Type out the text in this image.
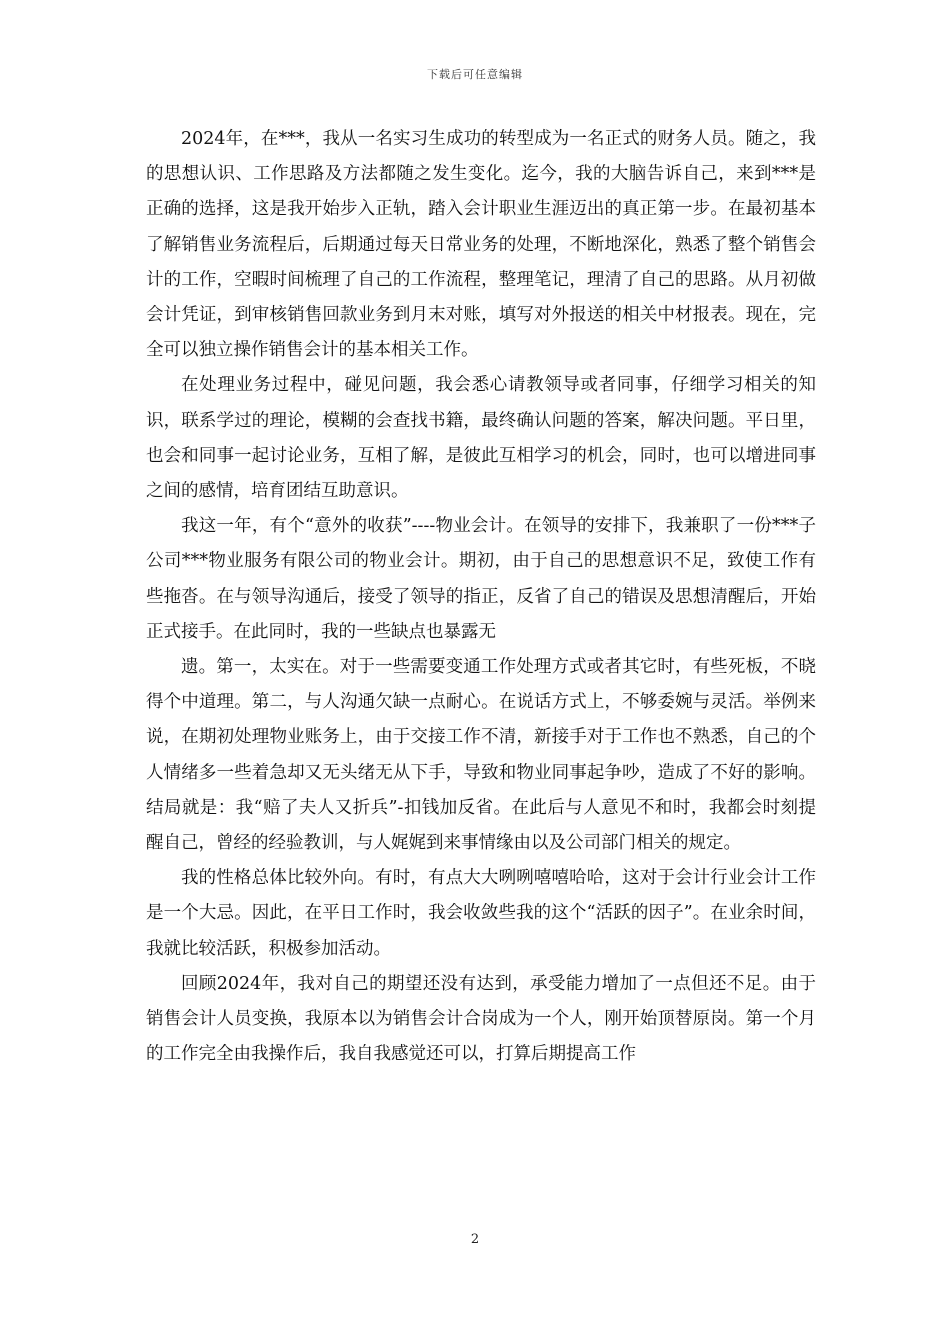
下载后可任意编辑

2024年，在***，我从一名实习生成功的转型成为一名正式的财务人员。随之，我的思想认识、工作思路及方法都随之发生变化。迄今，我的大脑告诉自己，来到***是正确的选择，这是我开始步入正轨，踏入会计职业生涯迈出的真正第一步。在最初基本了解销售业务流程后，后期通过每天日常业务的处理，不断地深化，熟悉了整个销售会计的工作，空暇时间梳理了自己的工作流程，整理笔记，理清了自己的思路。从月初做会计凭证，到审核销售回款业务到月末对账，填写对外报送的相关中材报表。现在，完全可以独立操作销售会计的基本相关工作。

在处理业务过程中，碰见问题，我会悉心请教领导或者同事，仔细学习相关的知识，联系学过的理论，模糊的会查找书籍，最终确认问题的答案，解决问题。平日里，也会和同事一起讨论业务，互相了解，是彼此互相学习的机会，同时，也可以增进同事之间的感情，培育团结互助意识。

我这一年，有个“意外的收获”----物业会计。在领导的安排下，我兼职了一份***子公司***物业服务有限公司的物业会计。期初，由于自己的思想意识不足，致使工作有些拖沓。在与领导沟通后，接受了领导的指正，反省了自己的错误及思想清醒后，开始正式接手。在此同时，我的一些缺点也暴露无

遗。第一，太实在。对于一些需要变通工作处理方式或者其它时，有些死板，不晓得个中道理。第二，与人沟通欠缺一点耐心。在说话方式上，不够委婉与灵活。举例来说，在期初处理物业账务上，由于交接工作不清，新接手对于工作也不熟悉，自己的个人情绪多一些着急却又无头绪无从下手，导致和物业同事起争吵，造成了不好的影响。结局就是：我“赔了夫人又折兵”-扣钱加反省。在此后与人意见不和时，我都会时刻提醒自己，曾经的经验教训，与人娓娓到来事情缘由以及公司部门相关的规定。

我的性格总体比较外向。有时，有点大大咧咧嘻嘻哈哈，这对于会计行业会计工作是一个大忌。因此，在平日工作时，我会收敛些我的这个“活跃的因子”。在业余时间，我就比较活跃，积极参加活动。

回顾2024年，我对自己的期望还没有达到，承受能力增加了一点但还不足。由于销售会计人员变换，我原本以为销售会计合岗成为一个人，刚开始顶替原岗。第一个月的工作完全由我操作后，我自我感觉还可以，打算后期提高工作

2
